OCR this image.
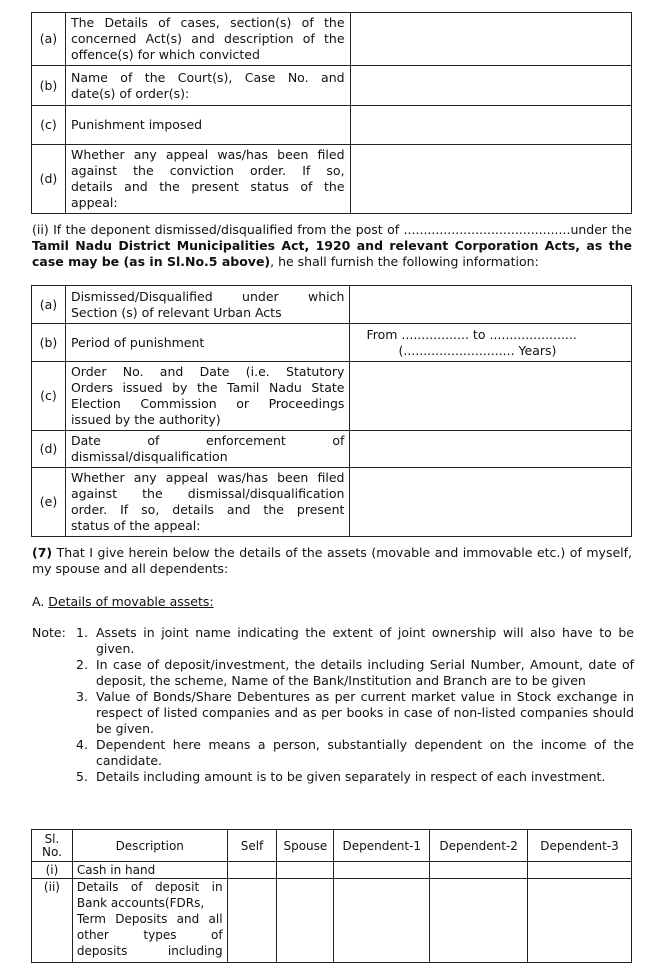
(a)	The Details of cases, section(s) of the
concerned Act(s) and description of the
offence(s) for which convicted	

(b)	Name of the Court(s), Case No. and
date(s) of order(s):	

(c)	Punishment imposed	

(d)	Whether any appeal was/has been filed
against the conviction order. If so,
details and the present status of the
appeal:	

(ii) If the deponent dismissed/disqualified from the post of ..........................................under the Tamil Nadu District Municipalities Act, 1920 and relevant Corporation Acts, as the case may be (as in Sl.No.5 above), he shall furnish the following information:
(a)	Dismissed/Disqualified under which
Section (s) of relevant Urban Acts	

(b)	Period of punishment	From ................. to ......................
(............................ Years)

(c)	Order No. and Date (i.e. Statutory
Orders issued by the Tamil Nadu State
Election Commission or Proceedings
issued by the authority)	

(d)	Date of enforcement of
dismissal/disqualification	

(e)	Whether any appeal was/has been filed
against the dismissal/disqualification
order. If so, details and the present
status of the appeal:	

(7) That I give herein below the details of the assets (movable and immovable etc.) of myself, my spouse and all dependents:
A. Details of movable assets:
Note: 1. Assets in joint name indicating the extent of joint ownership will also have to be given.
2. In case of deposit/investment, the details including Serial Number, Amount, date of deposit, the scheme, Name of the Bank/Institution and Branch are to be given
3. Value of Bonds/Share Debentures as per current market value in Stock exchange in respect of listed companies and as per books in case of non-listed companies should be given.
4. Dependent here means a person, substantially dependent on the income of the candidate.
5. Details including amount is to be given separately in respect of each investment.
Sl. No.	Description	Self	Spouse	Dependent-1	Dependent-2	Dependent-3
(i)	Cash in hand					
(ii)	Details of deposit in
Bank accounts(FDRs,
Term Deposits and all
other types of
deposits including					
